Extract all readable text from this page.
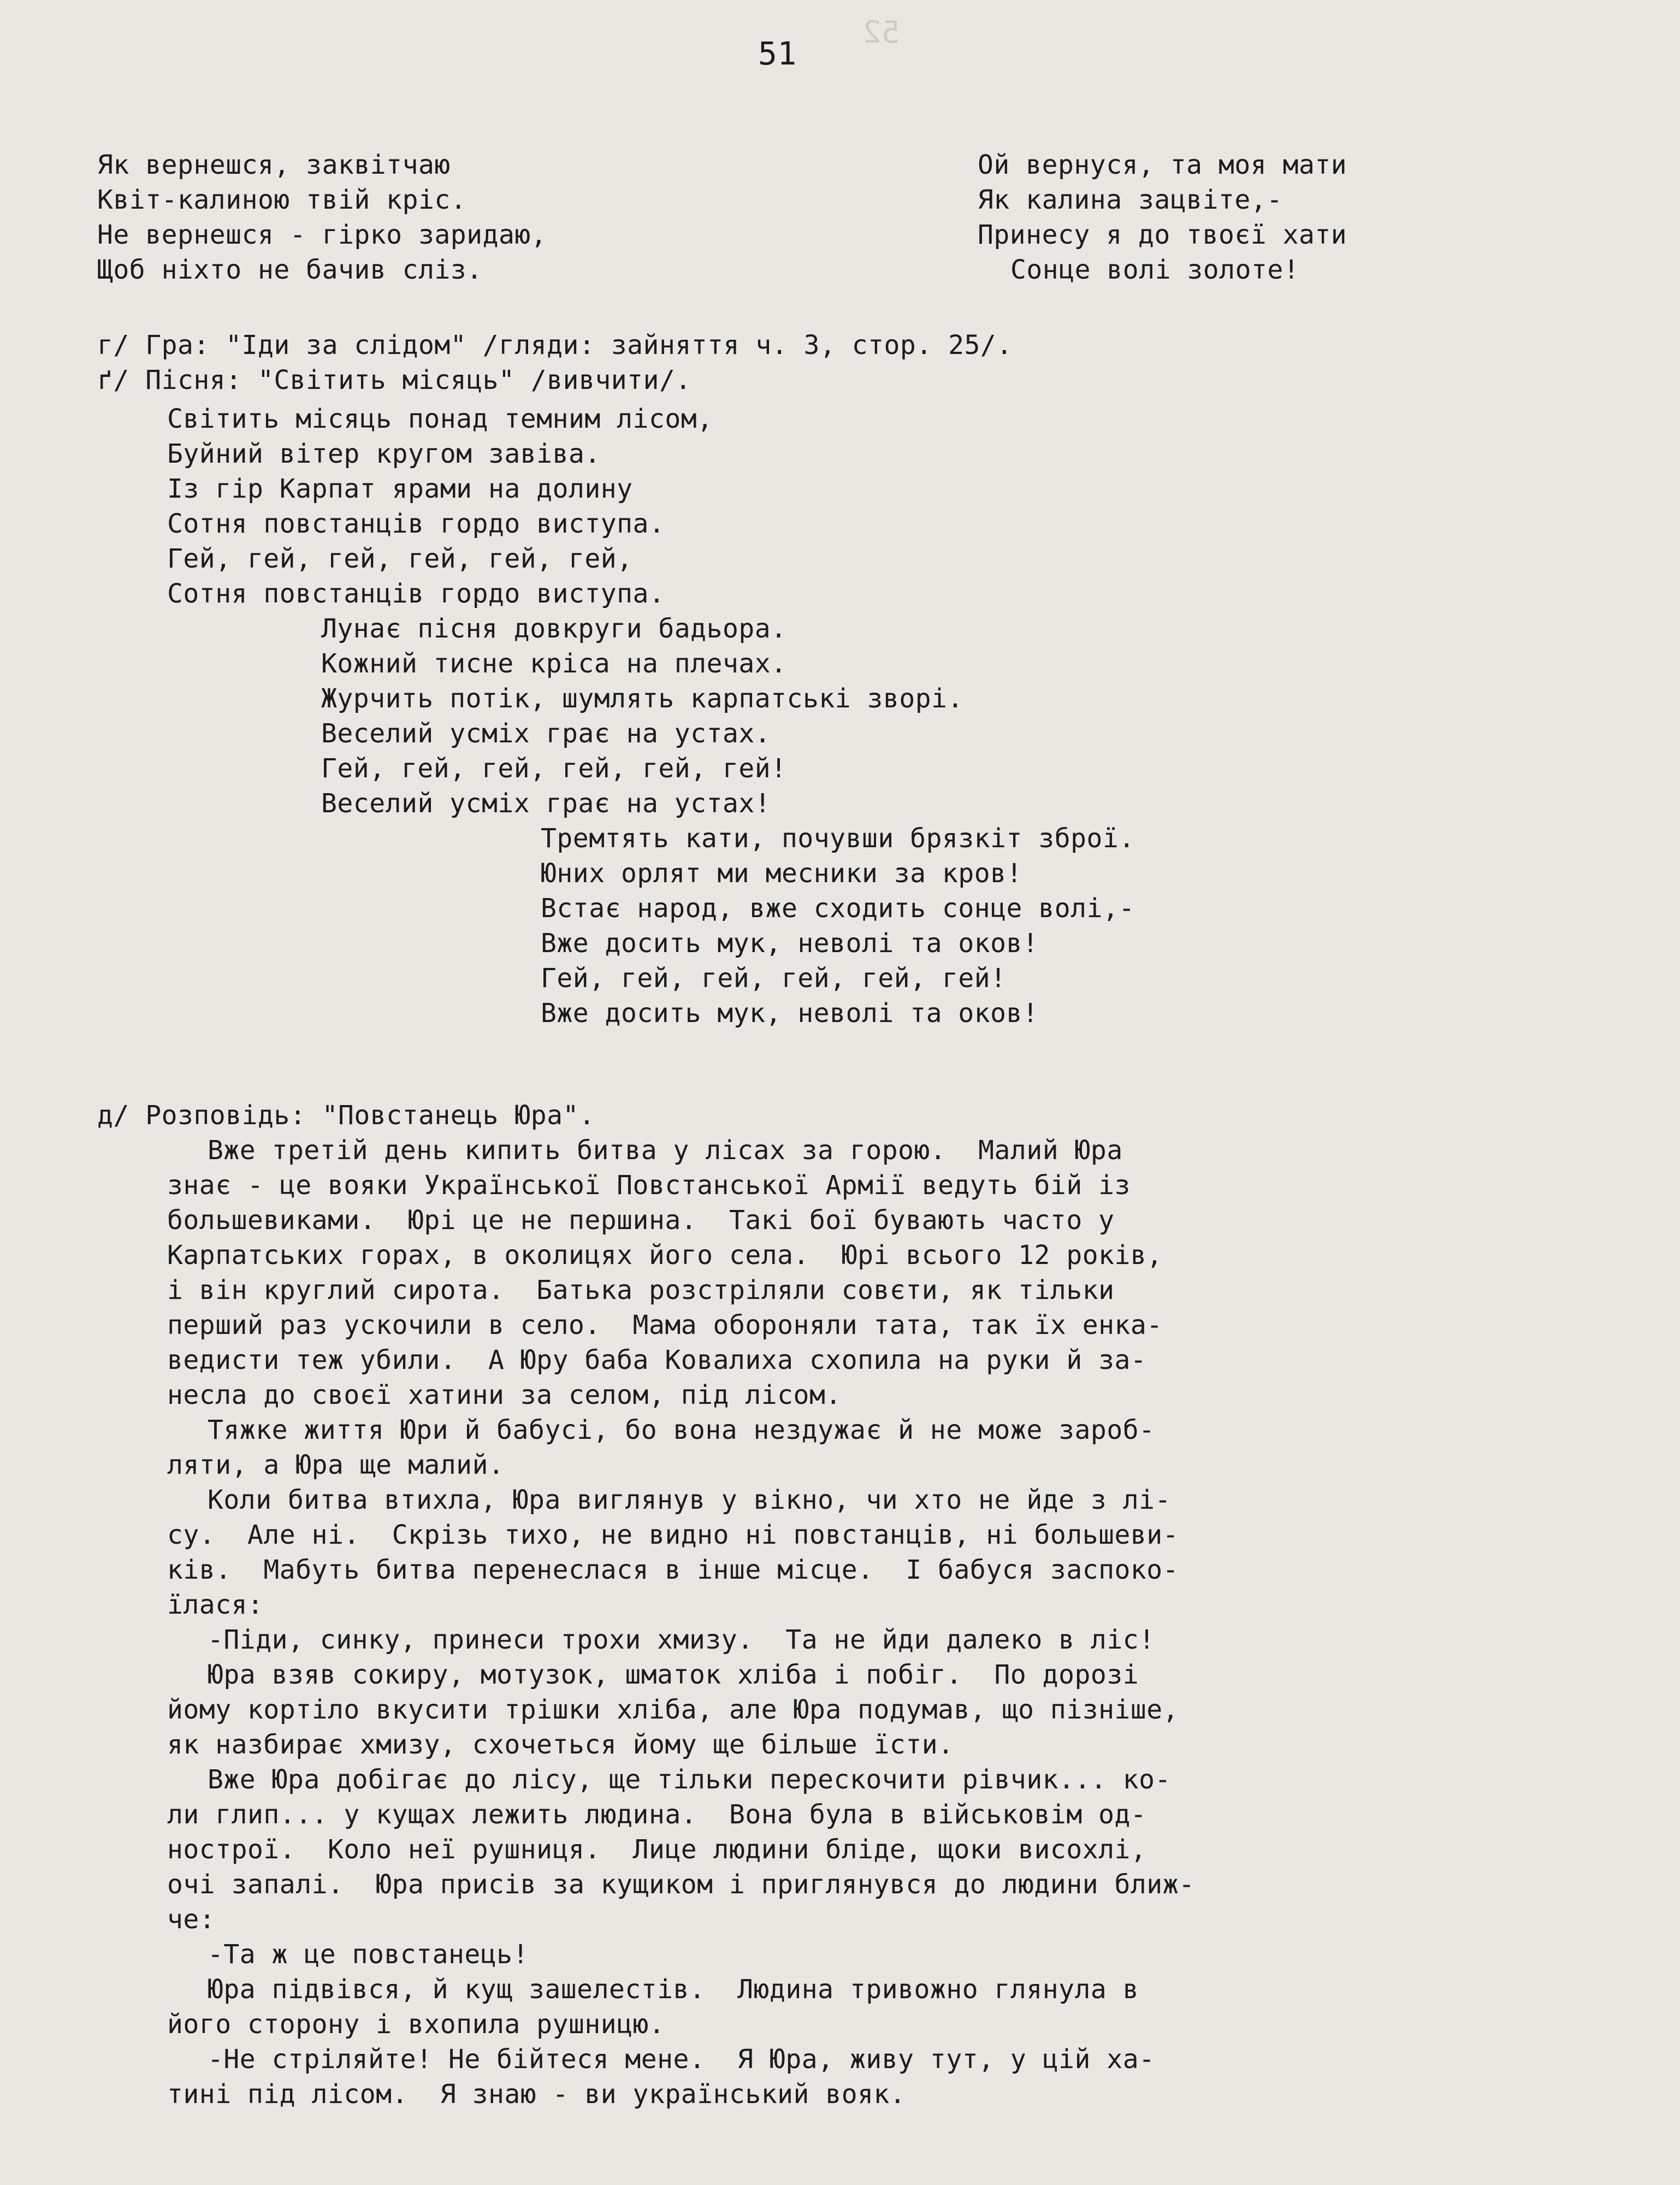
52
51
Як вернешся, заквітчаю
Квіт-калиною твій кріс.
Не вернешся - гірко заридаю,
Щоб ніхто не бачив сліз.
Ой вернуся, та моя мати
Як калина зацвіте,-
Принесу я до твоєї хати
Сонце волі золоте!
г/ Гра: "Іди за слідом" /гляди: зайняття ч. 3, стор. 25/.
ґ/ Пісня: "Світить місяць" /вивчити/.
Світить місяць понад темним лісом,
Буйний вітер кругом завіва.
Із гір Карпат ярами на долину
Сотня повстанців гордо виступа.
Гей, гей, гей, гей, гей, гей,
Сотня повстанців гордо виступа.
Лунає пісня довкруги бадьора.
Кожний тисне кріса на плечах.
Журчить потік, шумлять карпатські зворі.
Веселий усміх грає на устах.
Гей, гей, гей, гей, гей, гей!
Веселий усміх грає на устах!
Тремтять кати, почувши брязкіт зброї.
Юних орлят ми месники за кров!
Встає народ, вже сходить сонце волі,-
Вже досить мук, неволі та оков!
Гей, гей, гей, гей, гей, гей!
Вже досить мук, неволі та оков!
д/ Розповідь: "Повстанець Юра".
Вже третій день кипить битва у лісах за горою.  Малий Юра
знає - це вояки Української Повстанської Армії ведуть бій із
большевиками.  Юрі це не першина.  Такі бої бувають часто у
Карпатських горах, в околицях його села.  Юрі всього 12 років,
і він круглий сирота.  Батька розстріляли совєти, як тільки
перший раз ускочили в село.  Мама обороняли тата, так їх енка-
ведисти теж убили.  А Юру баба Ковалиха схопила на руки й за-
несла до своєї хатини за селом, під лісом.
Тяжке життя Юри й бабусі, бо вона нездужає й не може зароб-
ляти, а Юра ще малий.
Коли битва втихла, Юра виглянув у вікно, чи хто не йде з лі-
су.  Але ні.  Скрізь тихо, не видно ні повстанців, ні большеви-
ків.  Мабуть битва перенеслася в інше місце.  І бабуся заспоко-
їлася:
-Піди, синку, принеси трохи хмизу.  Та не йди далеко в ліс!
Юра взяв сокиру, мотузок, шматок хліба і побіг.  По дорозі
йому кортіло вкусити трішки хліба, але Юра подумав, що пізніше,
як назбирає хмизу, схочеться йому ще більше їсти.
Вже Юра добігає до лісу, ще тільки перескочити рівчик... ко-
ли глип... у кущах лежить людина.  Вона була в військовім од-
нострої.  Коло неї рушниця.  Лице людини бліде, щоки висохлі,
очі запалі.  Юра присів за кущиком і приглянувся до людини ближ-
че:
-Та ж це повстанець!
Юра підвівся, й кущ зашелестів.  Людина тривожно глянула в
його сторону і вхопила рушницю.
-Не стріляйте! Не бійтеся мене.  Я Юра, живу тут, у цій ха-
тині під лісом.  Я знаю - ви український вояк.
